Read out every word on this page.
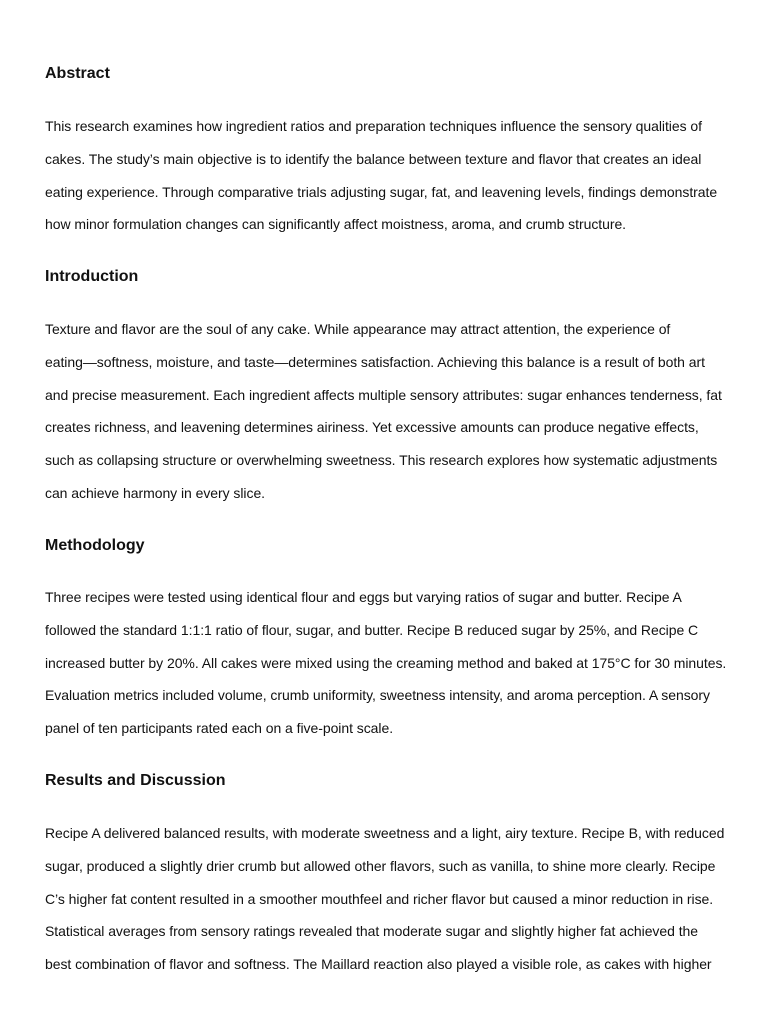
Abstract
This research examines how ingredient ratios and preparation techniques influence the sensory qualities of
cakes. The study’s main objective is to identify the balance between texture and flavor that creates an ideal
eating experience. Through comparative trials adjusting sugar, fat, and leavening levels, findings demonstrate
how minor formulation changes can significantly affect moistness, aroma, and crumb structure.
Introduction
Texture and flavor are the soul of any cake. While appearance may attract attention, the experience of
eating—softness, moisture, and taste—determines satisfaction. Achieving this balance is a result of both art
and precise measurement. Each ingredient affects multiple sensory attributes: sugar enhances tenderness, fat
creates richness, and leavening determines airiness. Yet excessive amounts can produce negative effects,
such as collapsing structure or overwhelming sweetness. This research explores how systematic adjustments
can achieve harmony in every slice.
Methodology
Three recipes were tested using identical flour and eggs but varying ratios of sugar and butter. Recipe A
followed the standard 1:1:1 ratio of flour, sugar, and butter. Recipe B reduced sugar by 25%, and Recipe C
increased butter by 20%. All cakes were mixed using the creaming method and baked at 175°C for 30 minutes.
Evaluation metrics included volume, crumb uniformity, sweetness intensity, and aroma perception. A sensory
panel of ten participants rated each on a five-point scale.
Results and Discussion
Recipe A delivered balanced results, with moderate sweetness and a light, airy texture. Recipe B, with reduced
sugar, produced a slightly drier crumb but allowed other flavors, such as vanilla, to shine more clearly. Recipe
C’s higher fat content resulted in a smoother mouthfeel and richer flavor but caused a minor reduction in rise.
Statistical averages from sensory ratings revealed that moderate sugar and slightly higher fat achieved the
best combination of flavor and softness. The Maillard reaction also played a visible role, as cakes with higher
